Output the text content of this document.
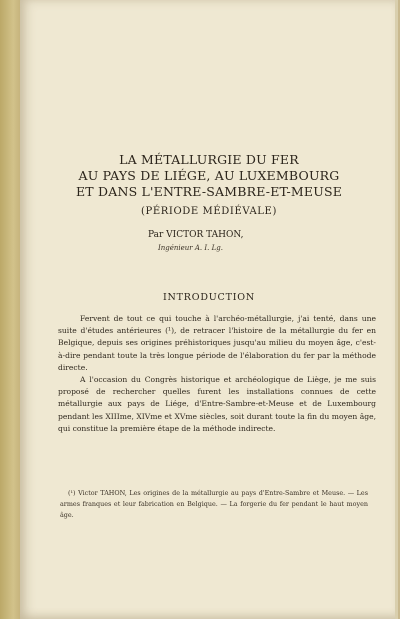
LA MÉTALLURGIE DU FER
AU PAYS DE LIÉGE, AU LUXEMBOURG
ET DANS L'ENTRE-SAMBRE-ET-MEUSE
(PÉRIODE MÉDIÉVALE)
Par VICTOR TAHON,
Ingénieur A. I. Lg.
INTRODUCTION

Fervent de tout ce qui touche à l'archéo-métallurgie, j'ai tenté, dans une suite d'études antérieures (¹), de retracer l'histoire de la métallurgie du fer en Belgique, depuis ses origines préhistoriques jusqu'au milieu du moyen âge, c'est-à-dire pendant toute la très longue période de l'élaboration du fer par la méthode directe.

A l'occasion du Congrès historique et archéologique de Liège, je me suis proposé de rechercher quelles furent les installations connues de cette métallurgie aux pays de Liége, d'Entre-Sambre-et-Meuse et de Luxembourg pendant les XIIIme, XIVme et XVme siècles, soit durant toute la fin du moyen âge, qui constitue la première étape de la méthode indirecte.

(¹) Victor TAHON, Les origines de la métallurgie au pays d'Entre-Sambre et Meuse. — Les armes franques et leur fabrication en Belgique. — La forgerie du fer pendant le haut moyen âge.
